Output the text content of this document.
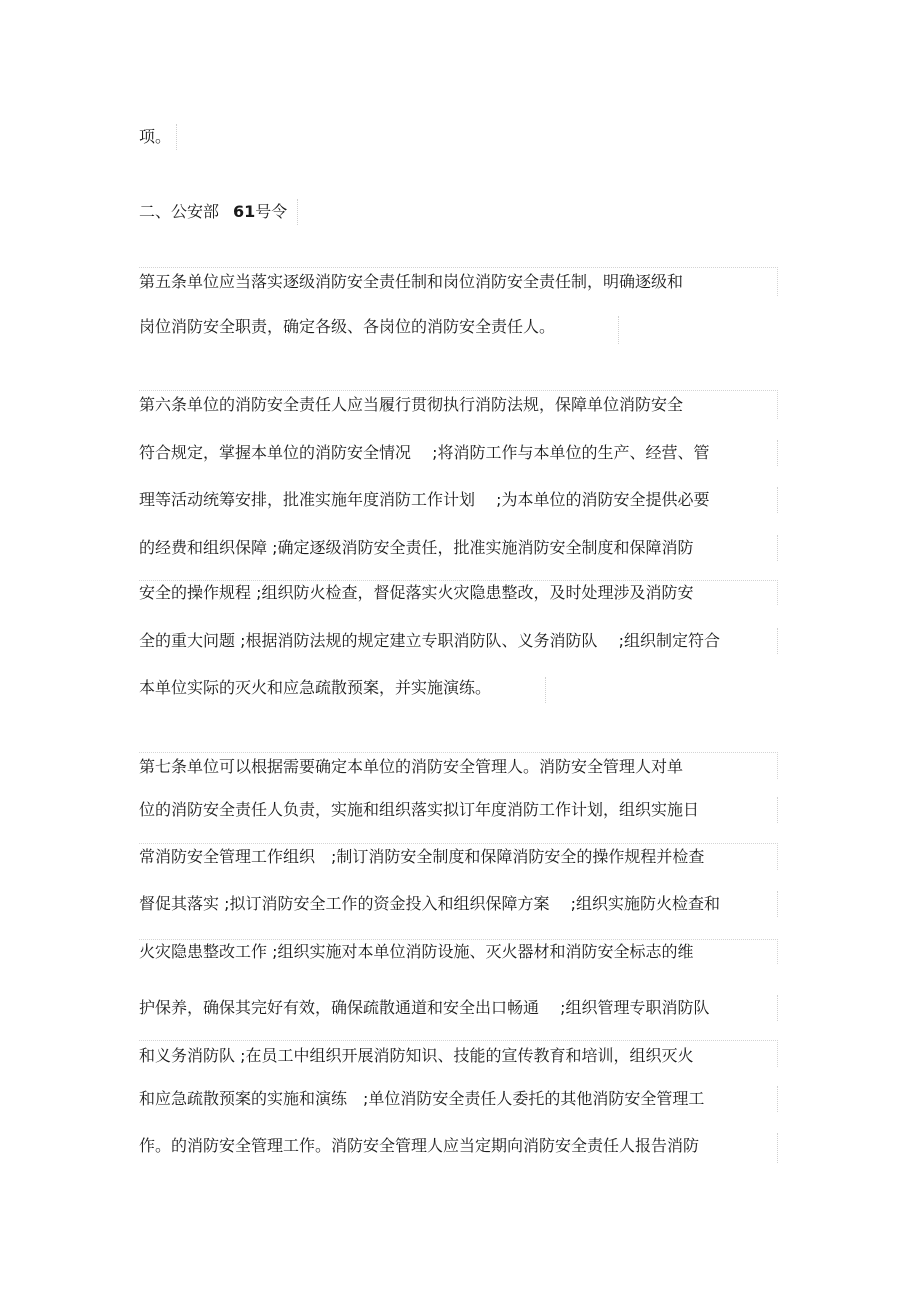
项。
二、公安部 61号令
第五条单位应当落实逐级消防安全责任制和岗位消防安全责任制，明确逐级和
岗位消防安全职责，确定各级、各岗位的消防安全责任人。
第六条单位的消防安全责任人应当履行贯彻执行消防法规，保障单位消防安全
符合规定，掌握本单位的消防安全情况　 ;将消防工作与本单位的生产、经营、管
理等活动统筹安排，批准实施年度消防工作计划　 ;为本单位的消防安全提供必要
的经费和组织保障 ;确定逐级消防安全责任，批准实施消防安全制度和保障消防
安全的操作规程 ;组织防火检查，督促落实火灾隐患整改，及时处理涉及消防安
全的重大问题 ;根据消防法规的规定建立专职消防队、义务消防队　 ;组织制定符合
本单位实际的灭火和应急疏散预案，并实施演练。
第七条单位可以根据需要确定本单位的消防安全管理人。消防安全管理人对单
位的消防安全责任人负责，实施和组织落实拟订年度消防工作计划，组织实施日
常消防安全管理工作组织　;制订消防安全制度和保障消防安全的操作规程并检查
督促其落实 ;拟订消防安全工作的资金投入和组织保障方案　 ;组织实施防火检查和
火灾隐患整改工作 ;组织实施对本单位消防设施、灭火器材和消防安全标志的维
护保养，确保其完好有效，确保疏散通道和安全出口畅通　 ;组织管理专职消防队
和义务消防队 ;在员工中组织开展消防知识、技能的宣传教育和培训，组织灭火
和应急疏散预案的实施和演练　;单位消防安全责任人委托的其他消防安全管理工
作。的消防安全管理工作。消防安全管理人应当定期向消防安全责任人报告消防
